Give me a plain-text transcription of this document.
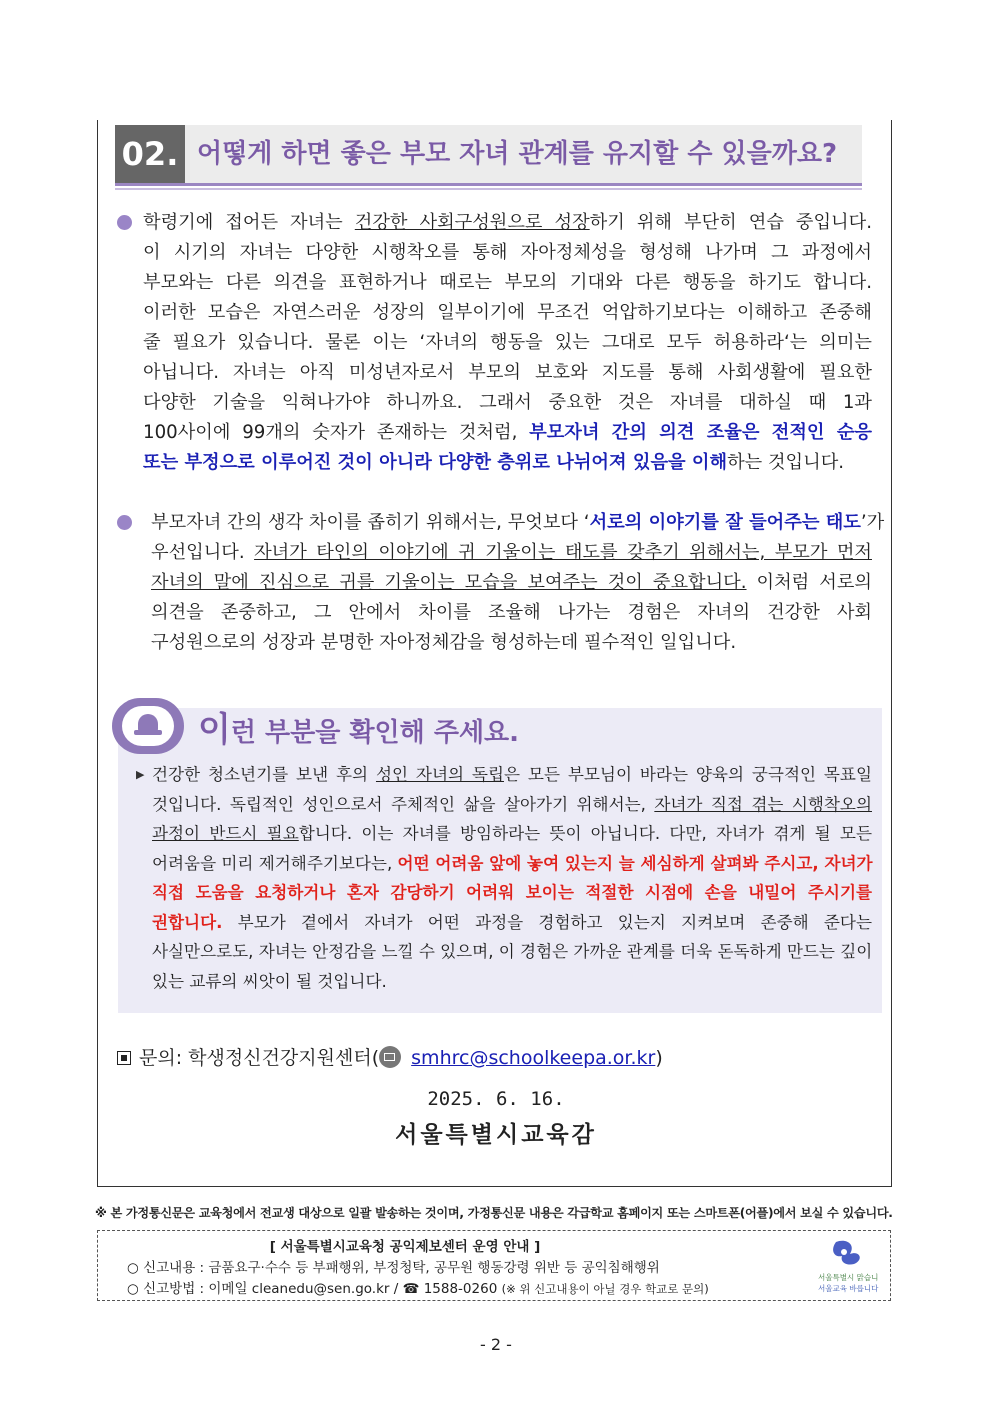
02. 어떻게 하면 좋은 부모 자녀 관계를 유지할 수 있을까요?
학령기에 접어든 자녀는 건강한 사회구성원으로 성장하기 위해 부단히 연습 중입니다.
이 시기의 자녀는 다양한 시행착오를 통해 자아정체성을 형성해 나가며 그 과정에서
부모와는 다른 의견을 표현하거나 때로는 부모의 기대와 다른 행동을 하기도 합니다.
이러한 모습은 자연스러운 성장의 일부이기에 무조건 억압하기보다는 이해하고 존중해
줄 필요가 있습니다. 물론 이는 ‘자녀의 행동을 있는 그대로 모두 허용하라‘는 의미는
아닙니다. 자녀는 아직 미성년자로서 부모의 보호와 지도를 통해 사회생활에 필요한
다양한 기술을 익혀나가야 하니까요. 그래서 중요한 것은 자녀를 대하실 때 1과
100사이에 99개의 숫자가 존재하는 것처럼, 부모자녀 간의 의견 조율은 전적인 순응
또는 부정으로 이루어진 것이 아니라 다양한 층위로 나뉘어져 있음을 이해하는 것입니다.
부모자녀 간의 생각 차이를 좁히기 위해서는, 무엇보다 ‘서로의 이야기를 잘 들어주는 태도’가
우선입니다. 자녀가 타인의 이야기에 귀 기울이는 태도를 갖추기 위해서는, 부모가 먼저
자녀의 말에 진심으로 귀를 기울이는 모습을 보여주는 것이 중요합니다. 이처럼 서로의
의견을 존중하고, 그 안에서 차이를 조율해 나가는 경험은 자녀의 건강한 사회
구성원으로의 성장과 분명한 자아정체감을 형성하는데 필수적인 일입니다.
이런 부분을 확인해 주세요.
▶ 건강한 청소년기를 보낸 후의 성인 자녀의 독립은 모든 부모님이 바라는 양육의 궁극적인 목표일
것입니다. 독립적인 성인으로서 주체적인 삶을 살아가기 위해서는, 자녀가 직접 겪는 시행착오의
과정이 반드시 필요합니다. 이는 자녀를 방임하라는 뜻이 아닙니다. 다만, 자녀가 겪게 될 모든
어려움을 미리 제거해주기보다는, 어떤 어려움 앞에 놓여 있는지 늘 세심하게 살펴봐 주시고, 자녀가
직접 도움을 요청하거나 혼자 감당하기 어려워 보이는 적절한 시점에 손을 내밀어 주시기를
권합니다. 부모가 곁에서 자녀가 어떤 과정을 경험하고 있는지 지켜보며 존중해 준다는
사실만으로도, 자녀는 안정감을 느낄 수 있으며, 이 경험은 가까운 관계를 더욱 돈독하게 만드는 깊이
있는 교류의 씨앗이 될 것입니다.
문의: 학생정신건강지원센터( smhrc@schoolkeepa.or.kr)
2025. 6. 16.
서울특별시교육감
※ 본 가정통신문은 교육청에서 전교생 대상으로 일괄 발송하는 것이며, 가정통신문 내용은 각급학교 홈페이지 또는 스마트폰(어플)에서 보실 수 있습니다.
[ 서울특별시교육청 공익제보센터 운영 안내 ]
○ 신고내용 : 금품요구·수수 등 부패행위, 부정청탁, 공무원 행동강령 위반 등 공익침해행위
○ 신고방법 : 이메일 cleanedu@sen.go.kr / ☎ 1588-0260 (※ 위 신고내용이 아닐 경우 학교로 문의)
서울특별시 맑습니
서울교육 바릅니다
- 2 -
